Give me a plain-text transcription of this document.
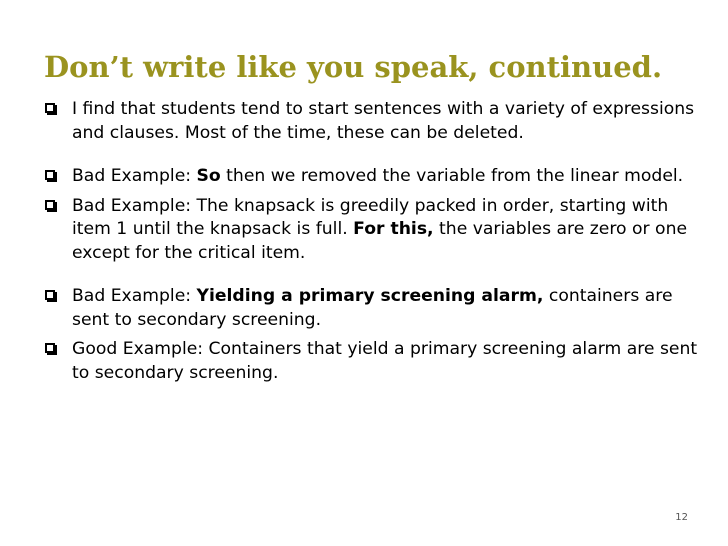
Don’t write like you speak, continued.
I find that students tend to start sentences with a variety of expressions and clauses. Most of the time, these can be deleted.
Bad Example: So then we removed the variable from the linear model.
Bad Example: The knapsack is greedily packed in order, starting with item 1 until the knapsack is full. For this, the variables are zero or one except for the critical item.
Bad Example: Yielding a primary screening alarm, containers are sent to secondary screening.
Good Example: Containers that yield a primary screening alarm are sent to secondary screening.
12
